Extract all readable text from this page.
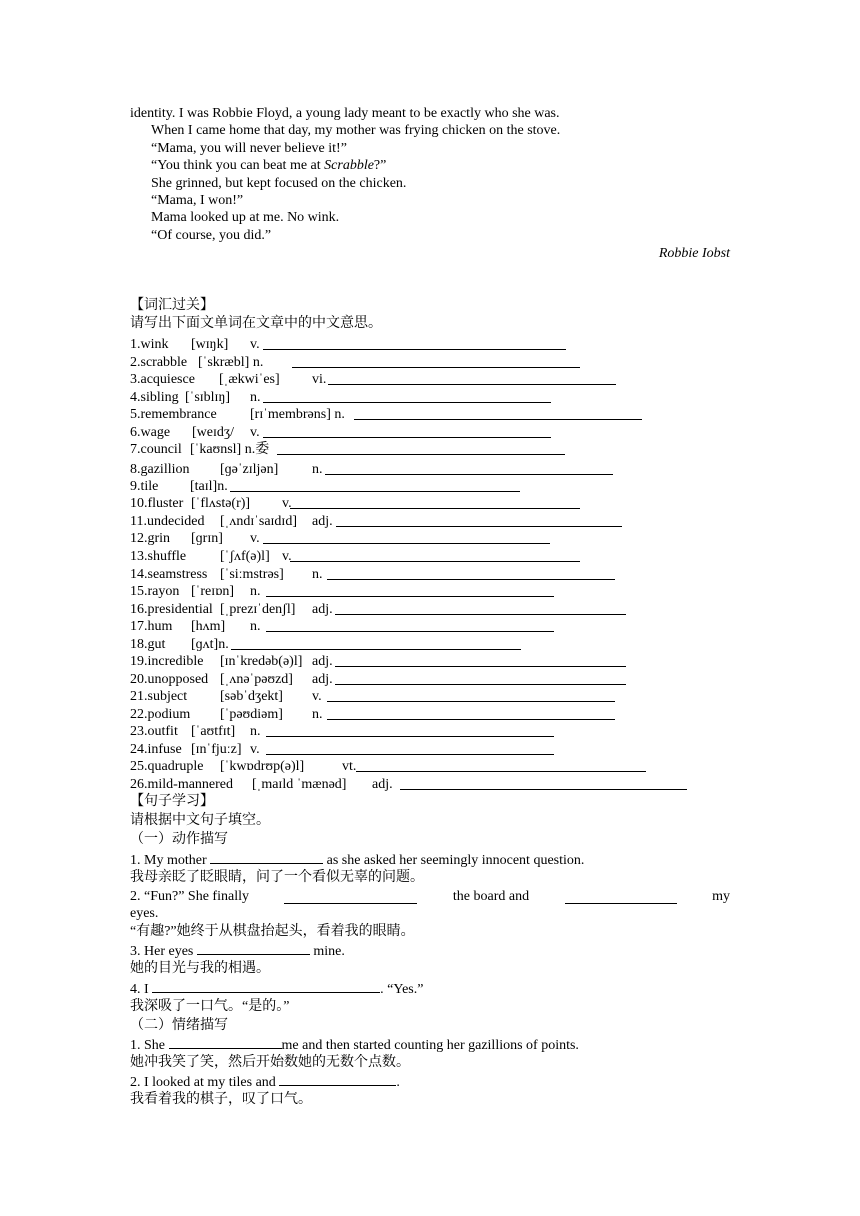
identity. I was Robbie Floyd, a young lady meant to be exactly who she was.
When I came home that day, my mother was frying chicken on the stove.
“Mama, you will never believe it!”
“You think you can beat me at Scrabble?”
She grinned, but kept focused on the chicken.
“Mama, I won!”
Mama looked up at me. No wink.
“Of course, you did.”
Robbie Iobst
【词汇过关】
请写出下面文单词在文章中的中文意思。
1.wink [wɪŋk] v.
2.scrabble [ˈskræbl] n.
3.acquiesce [ˌækwiˈes] vi.
4.sibling [ˈsɪblɪŋ] n.
5.remembrance [rɪˈmembrəns] n.
6.wage [weɪdʒ/ v.
7.council [ˈkaʊnsl] n.委
8.gazillion [ɡəˈzɪljən] n.
9.tile [taɪl]n.
10.fluster [ˈflʌstə(r)] v.
11.undecided [ˌʌndɪˈsaɪdɪd] adj.
12.grin [ɡrɪn] v.
13.shuffle [ˈʃʌf(ə)l] v.
14.seamstress [ˈsiːmstrəs] n.
15.rayon [ˈreɪɒn] n.
16.presidential [ˌprezɪˈdenʃl] adj.
17.hum [hʌm] n.
18.gut [ɡʌt]n.
19.incredible [ɪnˈkredəb(ə)l] adj.
20.unopposed [ˌʌnəˈpəʊzd] adj.
21.subject [səbˈdʒekt] v.
22.podium [ˈpəʊdiəm] n.
23.outfit [ˈaʊtfɪt] n.
24.infuse [ɪnˈfjuːz] v.
25.quadruple [ˈkwɒdrʊp(ə)l]	vt.
26.mild-mannered [ˌmaɪld ˈmænəd] adj.
【句子学习】
请根据中文句子填空。
（一）动作描写
1. My mother	as she asked her seemingly innocent question.
我母亲眨了眨眼睛，问了一个看似无辜的问题。
2. “Fun?” She finally	the board and	my
eyes.
“有趣?”她终于从棋盘抬起头，看着我的眼睛。
3. Her eyes	mine.
她的目光与我的相遇。
4. I	. “Yes.”
我深吸了一口气。“是的。”
（二）情绪描写
1. She	me and then started counting her gazillions of points.
她冲我笑了笑，然后开始数她的无数个点数。
2. I looked at my tiles and	.
我看着我的棋子，叹了口气。
